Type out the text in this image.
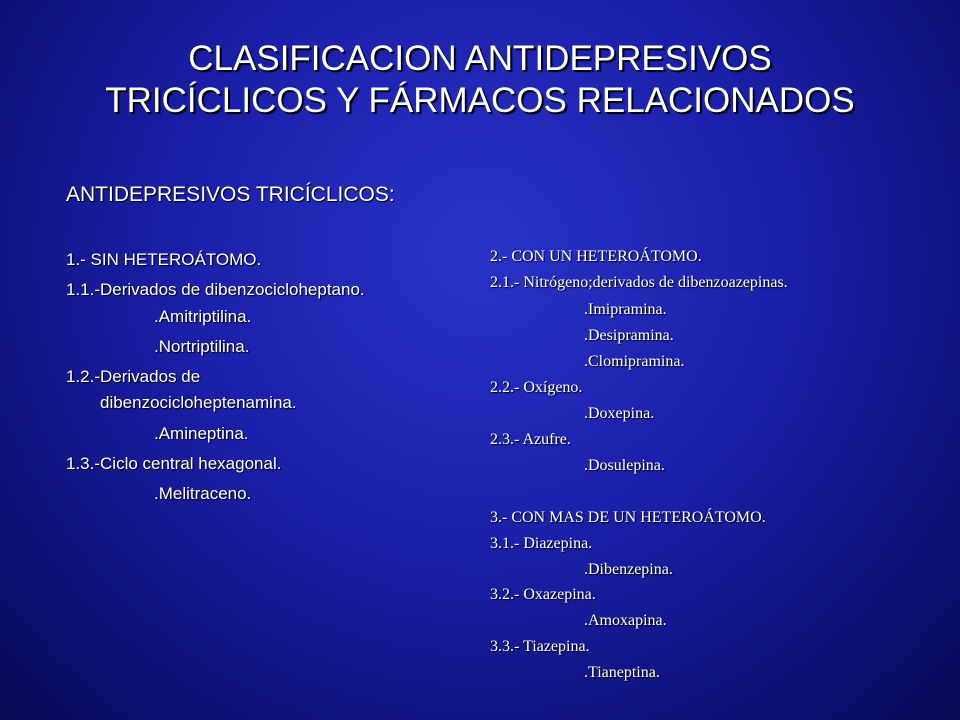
CLASIFICACION ANTIDEPRESIVOS
TRICÍCLICOS Y FÁRMACOS RELACIONADOS
ANTIDEPRESIVOS TRICÍCLICOS:
1.- SIN HETEROÁTOMO.
1.1.-Derivados de dibenzocicloheptano.
.Amitriptilina.
.Nortriptilina.
1.2.-Derivados de
dibenzocicloheptenamina.
.Amineptina.
1.3.-Ciclo central hexagonal.
.Melitraceno.
2.- CON UN HETEROÁTOMO.
2.1.- Nitrógeno;derivados de dibenzoazepinas.
.Imipramina.
.Desipramina.
.Clomipramina.
2.2.- Oxígeno.
.Doxepina.
2.3.- Azufre.
.Dosulepina.
3.- CON MAS DE UN HETEROÁTOMO.
3.1.- Diazepina.
.Dibenzepina.
3.2.- Oxazepina.
.Amoxapina.
3.3.- Tiazepina.
.Tianeptina.
